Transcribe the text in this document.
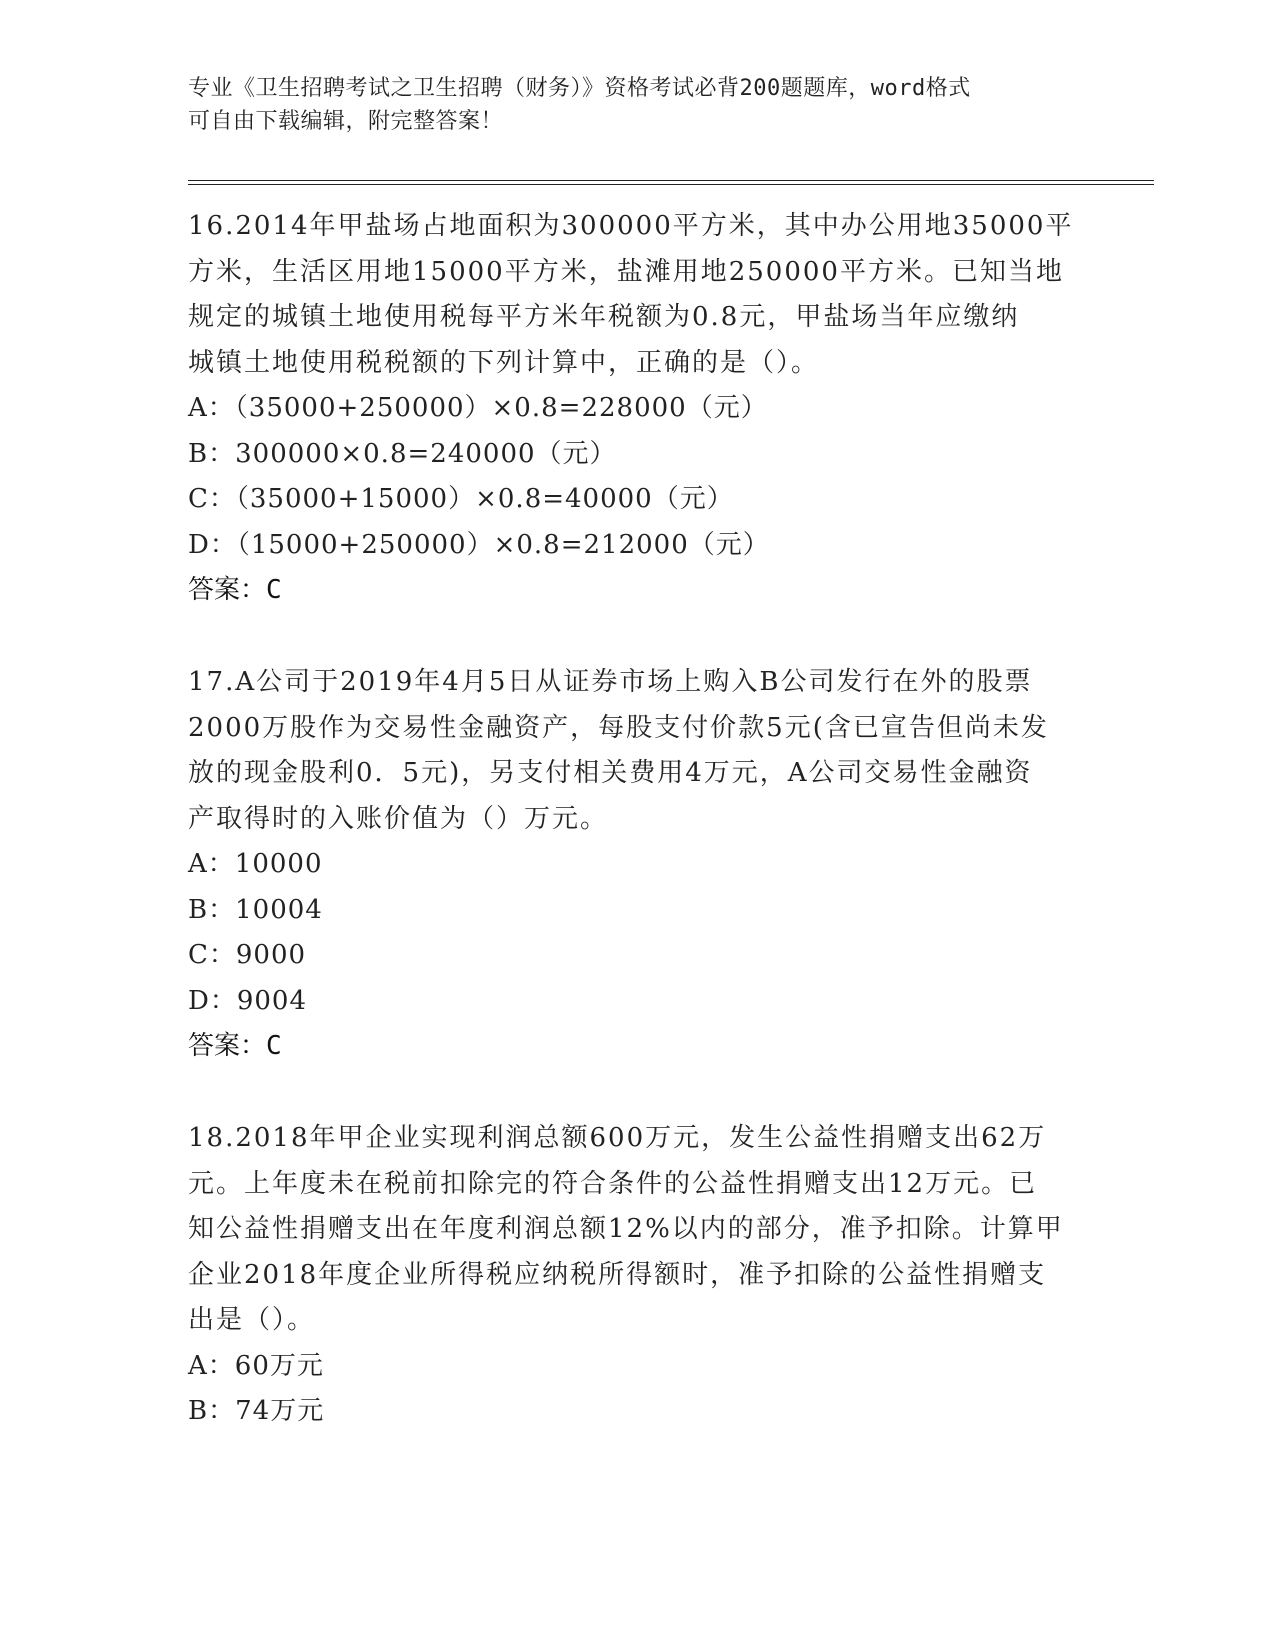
专业《卫生招聘考试之卫生招聘（财务）》资格考试必背200题题库，word格式
可自由下载编辑，附完整答案！

16.2014年甲盐场占地面积为300000平方米，其中办公用地35000平
方米，生活区用地15000平方米，盐滩用地250000平方米。已知当地
规定的城镇土地使用税每平方米年税额为0.8元，甲盐场当年应缴纳
城镇土地使用税税额的下列计算中，正确的是（）。

A：（35000+250000）×0.8=228000（元）

B：300000×0.8=240000（元）

C：（35000+15000）×0.8=40000（元）

D：（15000+250000）×0.8=212000（元）

答案：C

17.A公司于2019年4月5日从证券市场上购入B公司发行在外的股票
2000万股作为交易性金融资产，每股支付价款5元(含已宣告但尚未发
放的现金股利0．5元)，另支付相关费用4万元，A公司交易性金融资
产取得时的入账价值为（）万元。

A：10000

B：10004

C：9000

D：9004

答案：C

18.2018年甲企业实现利润总额600万元，发生公益性捐赠支出62万
元。上年度未在税前扣除完的符合条件的公益性捐赠支出12万元。已
知公益性捐赠支出在年度利润总额12%以内的部分，准予扣除。计算甲
企业2018年度企业所得税应纳税所得额时，准予扣除的公益性捐赠支
出是（）。

A：60万元

B：74万元
